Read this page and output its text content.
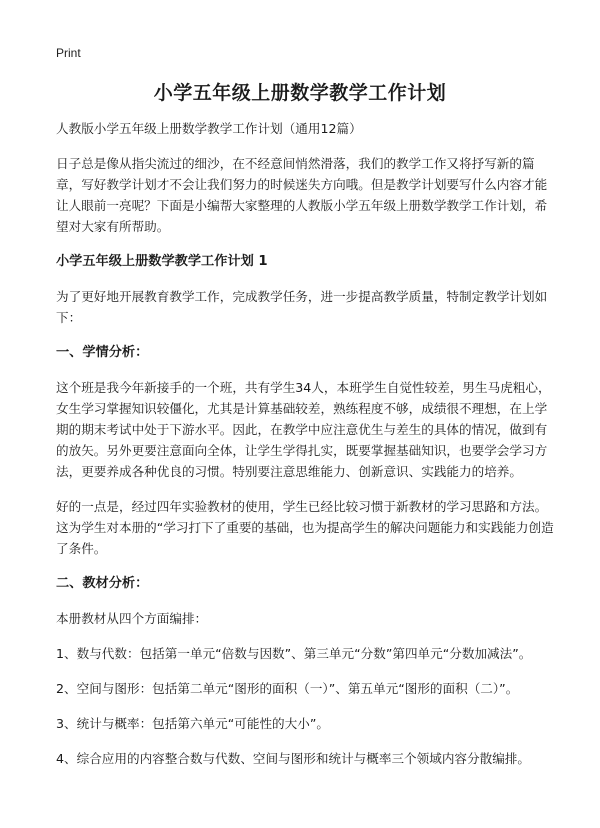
Print
小学五年级上册数学教学工作计划

人教版小学五年级上册数学教学工作计划（通用12篇）

日子总是像从指尖流过的细沙，在不经意间悄然滑落，我们的教学工作又将抒写新的篇章，写好教学计划才不会让我们努力的时候迷失方向哦。但是教学计划要写什么内容才能让人眼前一亮呢？下面是小编帮大家整理的人教版小学五年级上册数学教学工作计划，希望对大家有所帮助。

小学五年级上册数学教学工作计划 1

为了更好地开展教育教学工作，完成教学任务，进一步提高教学质量，特制定教学计划如下：

一、学情分析：

这个班是我今年新接手的一个班，共有学生34人，本班学生自觉性较差，男生马虎粗心，女生学习掌握知识较僵化，尤其是计算基础较差，熟练程度不够，成绩很不理想，在上学期的期末考试中处于下游水平。因此，在教学中应注意优生与差生的具体的情况，做到有的放矢。另外更要注意面向全体，让学生学得扎实，既要掌握基础知识，也要学会学习方法，更要养成各种优良的习惯。特别要注意思维能力、创新意识、实践能力的培养。

好的一点是，经过四年实验教材的使用，学生已经比较习惯于新教材的学习思路和方法。这为学生对本册的“学习打下了重要的基础，也为提高学生的解决问题能力和实践能力创造了条件。

二、教材分析：

本册教材从四个方面编排：

1、数与代数：包括第一单元“倍数与因数”、第三单元“分数”第四单元“分数加减法”。

2、空间与图形：包括第二单元“图形的面积（一）”、第五单元“图形的面积（二）”。

3、统计与概率：包括第六单元“可能性的大小”。

4、综合应用的内容整合数与代数、空间与图形和统计与概率三个领域内容分散编排。
